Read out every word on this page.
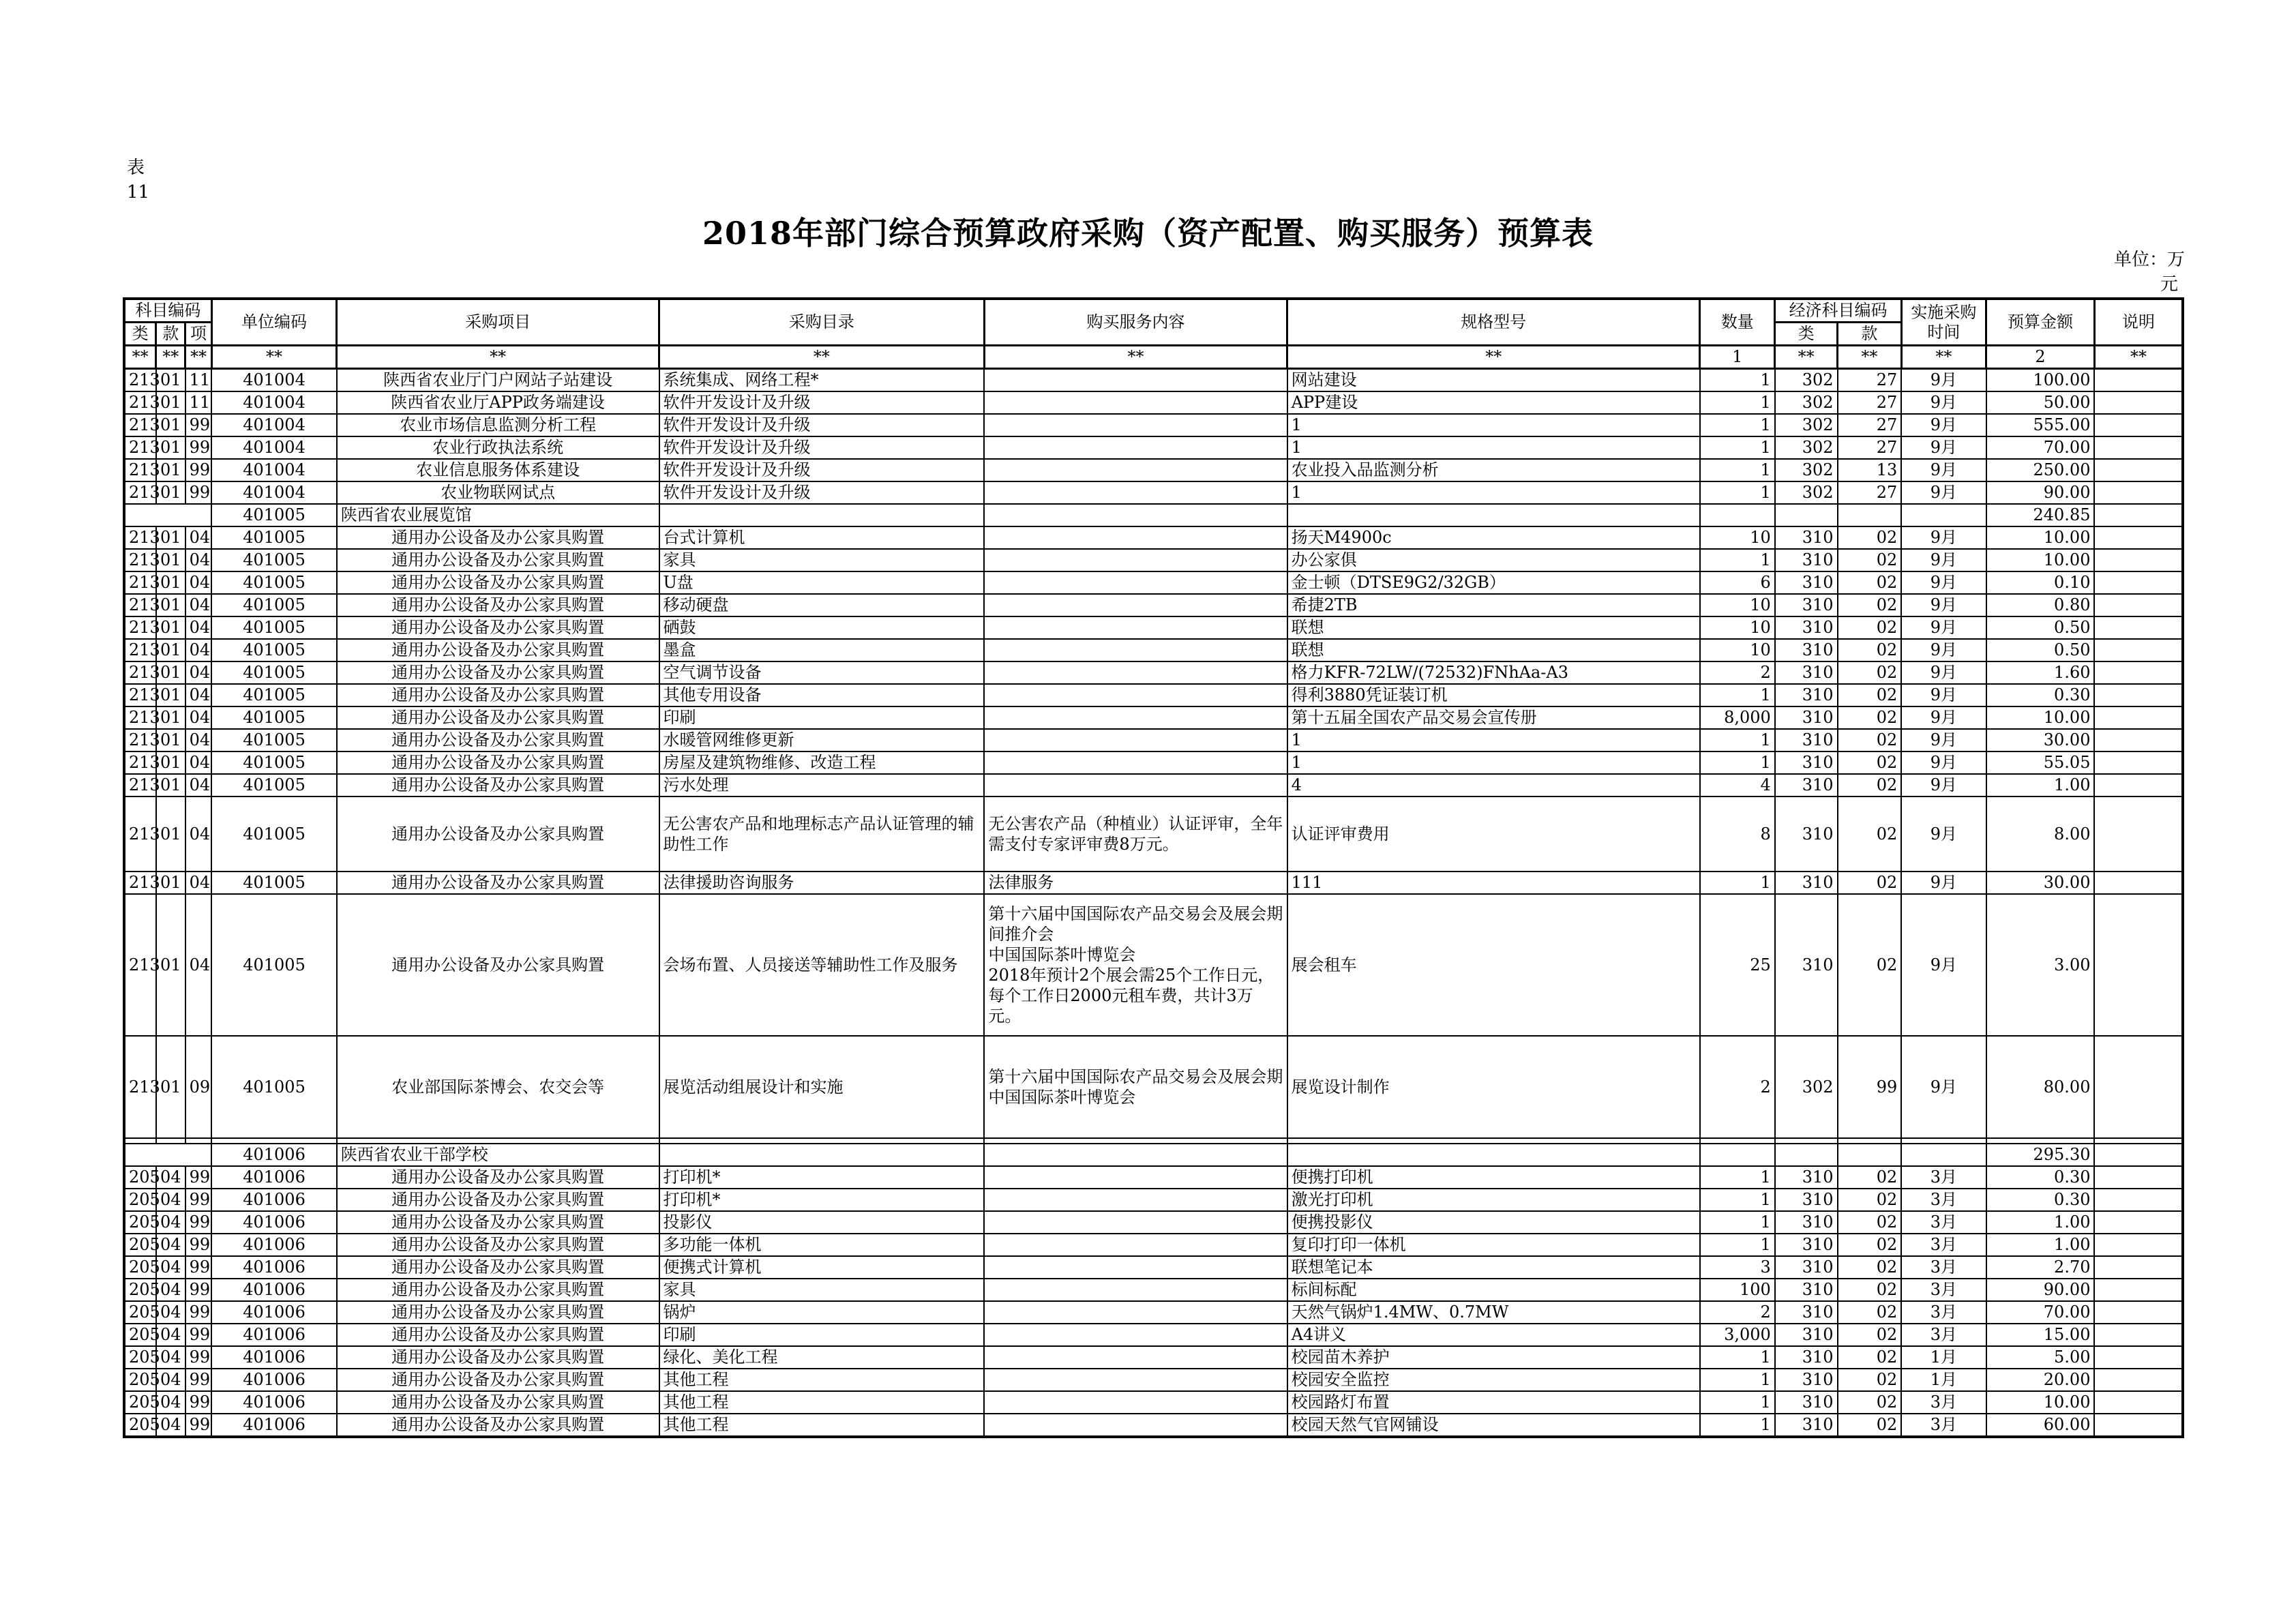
表
11
2018年部门综合预算政府采购（资产配置、购买服务）预算表
单位：万
元
科目编码			单位编码	采购项目	采购目录	购买服务内容	规格型号	数量	经济科目编码		实施采购时间	预算金额	说明
类	款	项							类	款			
**	**	**	**	**	**	**	**	1	**	**	**	2	**
213	01	11	401004	陕西省农业厅门户网站子站建设	系统集成、网络工程*		网站建设	1	302	27	9月	100.00	
213	01	11	401004	陕西省农业厅APP政务端建设	软件开发设计及升级		APP建设	1	302	27	9月	50.00	
213	01	99	401004	农业市场信息监测分析工程	软件开发设计及升级		1	1	302	27	9月	555.00	
213	01	99	401004	农业行政执法系统	软件开发设计及升级		1	1	302	27	9月	70.00	
213	01	99	401004	农业信息服务体系建设	软件开发设计及升级		农业投入品监测分析	1	302	13	9月	250.00	
213	01	99	401004	农业物联网试点	软件开发设计及升级		1	1	302	27	9月	90.00	
			401005	陕西省农业展览馆								240.85	
213	01	04	401005	通用办公设备及办公家具购置	台式计算机		扬天M4900c	10	310	02	9月	10.00	
213	01	04	401005	通用办公设备及办公家具购置	家具		办公家俱	1	310	02	9月	10.00	
213	01	04	401005	通用办公设备及办公家具购置	U盘		金士顿（DTSE9G2/32GB）	6	310	02	9月	0.10	
213	01	04	401005	通用办公设备及办公家具购置	移动硬盘		希捷2TB	10	310	02	9月	0.80	
213	01	04	401005	通用办公设备及办公家具购置	硒鼓		联想	10	310	02	9月	0.50	
213	01	04	401005	通用办公设备及办公家具购置	墨盒		联想	10	310	02	9月	0.50	
213	01	04	401005	通用办公设备及办公家具购置	空气调节设备		格力KFR-72LW/(72532)FNhAa-A3	2	310	02	9月	1.60	
213	01	04	401005	通用办公设备及办公家具购置	其他专用设备		得利3880凭证装订机	1	310	02	9月	0.30	
213	01	04	401005	通用办公设备及办公家具购置	印刷		第十五届全国农产品交易会宣传册	8,000	310	02	9月	10.00	
213	01	04	401005	通用办公设备及办公家具购置	水暖管网维修更新		1	1	310	02	9月	30.00	
213	01	04	401005	通用办公设备及办公家具购置	房屋及建筑物维修、改造工程		1	1	310	02	9月	55.05	
213	01	04	401005	通用办公设备及办公家具购置	污水处理		4	4	310	02	9月	1.00	
213	01	04	401005	通用办公设备及办公家具购置	无公害农产品和地理标志产品认证管理的辅助性工作	无公害农产品（种植业）认证评审，全年需支付专家评审费8万元。	认证评审费用	8	310	02	9月	8.00	
213	01	04	401005	通用办公设备及办公家具购置	法律援助咨询服务	法律服务	111	1	310	02	9月	30.00	
213	01	04	401005	通用办公设备及办公家具购置	会场布置、人员接送等辅助性工作及服务	第十六届中国国际农产品交易会及展会期间推介会
中国国际茶叶博览会
2018年预计2个展会需25个工作日元，每个工作日2000元租车费，共计3万元。	展会租车	25	310	02	9月	3.00	
213	01	09	401005	农业部国际茶博会、农交会等	展览活动组展设计和实施	第十六届中国国际农产品交易会及展会期
中国国际茶叶博览会	展览设计制作	2	302	99	9月	80.00	

			401006	陕西省农业干部学校								295.30	
205	04	99	401006	通用办公设备及办公家具购置	打印机*		便携打印机	1	310	02	3月	0.30	
205	04	99	401006	通用办公设备及办公家具购置	打印机*		激光打印机	1	310	02	3月	0.30	
205	04	99	401006	通用办公设备及办公家具购置	投影仪		便携投影仪	1	310	02	3月	1.00	
205	04	99	401006	通用办公设备及办公家具购置	多功能一体机		复印打印一体机	1	310	02	3月	1.00	
205	04	99	401006	通用办公设备及办公家具购置	便携式计算机		联想笔记本	3	310	02	3月	2.70	
205	04	99	401006	通用办公设备及办公家具购置	家具		标间标配	100	310	02	3月	90.00	
205	04	99	401006	通用办公设备及办公家具购置	锅炉		天然气锅炉1.4MW、0.7MW	2	310	02	3月	70.00	
205	04	99	401006	通用办公设备及办公家具购置	印刷		A4讲义	3,000	310	02	3月	15.00	
205	04	99	401006	通用办公设备及办公家具购置	绿化、美化工程		校园苗木养护	1	310	02	1月	5.00	
205	04	99	401006	通用办公设备及办公家具购置	其他工程		校园安全监控	1	310	02	1月	20.00	
205	04	99	401006	通用办公设备及办公家具购置	其他工程		校园路灯布置	1	310	02	3月	10.00	
205	04	99	401006	通用办公设备及办公家具购置	其他工程		校园天然气官网铺设	1	310	02	3月	60.00	
